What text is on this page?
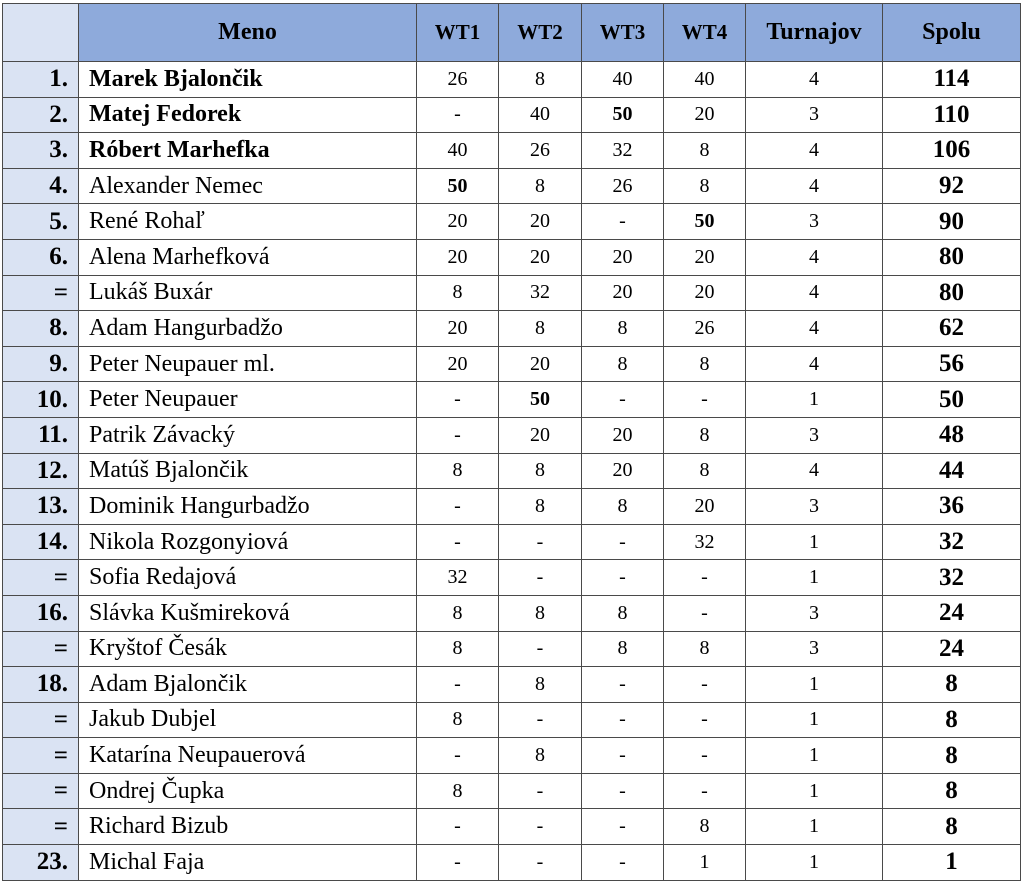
	Meno	WT1	WT2	WT3	WT4	Turnajov	Spolu
1.	Marek Bjalončik	26	8	40	40	4	114
2.	Matej Fedorek	-	40	50	20	3	110
3.	Róbert Marhefka	40	26	32	8	4	106
4.	Alexander Nemec	50	8	26	8	4	92
5.	René Rohaľ	20	20	-	50	3	90
6.	Alena Marhefková	20	20	20	20	4	80
=	Lukáš Buxár	8	32	20	20	4	80
8.	Adam Hangurbadžo	20	8	8	26	4	62
9.	Peter Neupauer ml.	20	20	8	8	4	56
10.	Peter Neupauer	-	50	-	-	1	50
11.	Patrik Závacký	-	20	20	8	3	48
12.	Matúš Bjalončik	8	8	20	8	4	44
13.	Dominik Hangurbadžo	-	8	8	20	3	36
14.	Nikola Rozgonyiová	-	-	-	32	1	32
=	Sofia Redajová	32	-	-	-	1	32
16.	Slávka Kušmireková	8	8	8	-	3	24
=	Kryštof Česák	8	-	8	8	3	24
18.	Adam Bjalončik	-	8	-	-	1	8
=	Jakub Dubjel	8	-	-	-	1	8
=	Katarína Neupauerová	-	8	-	-	1	8
=	Ondrej Čupka	8	-	-	-	1	8
=	Richard Bizub	-	-	-	8	1	8
23.	Michal Faja	-	-	-	1	1	1
